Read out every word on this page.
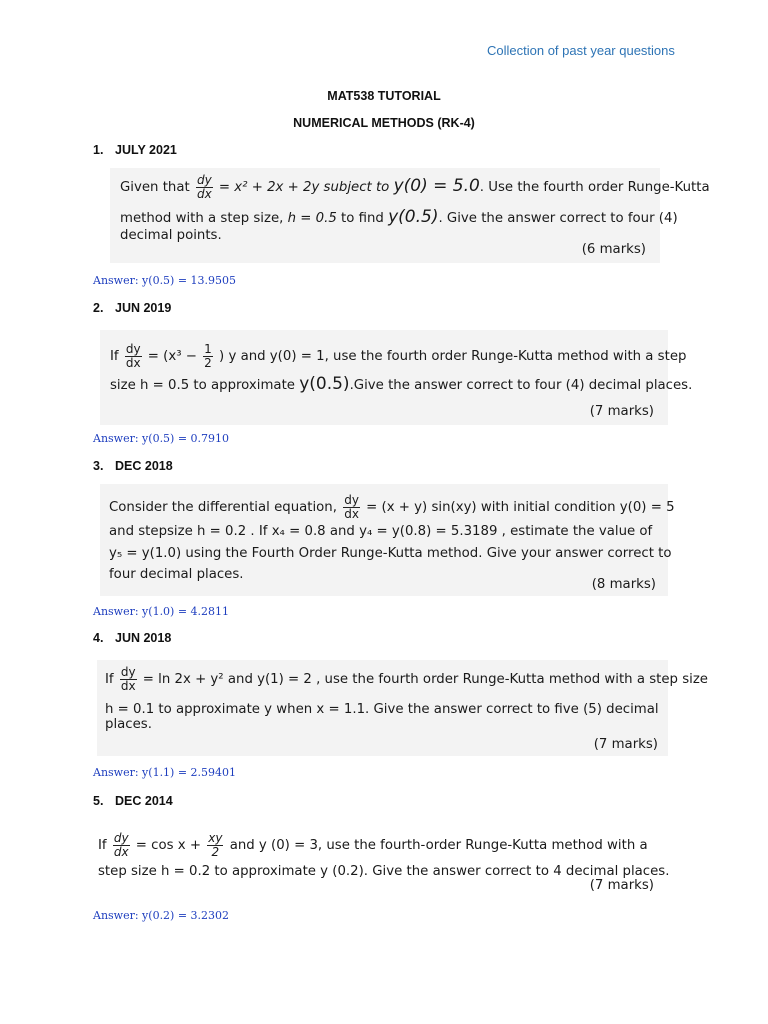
Collection of past year questions
MAT538 TUTORIAL
NUMERICAL METHODS (RK-4)
1. JULY 2021
Given that $\frac{dy}{dx} = x^2 + 2x + 2y$ subject to y(0) = 5.0. Use the fourth order Runge-Kutta
method with a step size, h = 0.5 to find y(0.5). Give the answer correct to four (4)
decimal points.
(6 marks)
Answer: y(0.5) = 13.9505
2. JUN 2019
If $\frac{dy}{dx} = (x^3 - \frac{1}{2}$ ) y and y(0) = 1, use the fourth order Runge-Kutta method with a step
size h = 0.5 to approximate y(0.5).Give the answer correct to four (4) decimal places.
(7 marks)
Answer: y(0.5) = 0.7910
3. DEC 2018
Consider the differential equation, $\frac{dy}{dx} = (x + y)$ sin(xy) with initial condition y(0) = 5
and stepsize h = 0.2 . If x₄ = 0.8 and y₄ = y(0.8) = 5.3189 , estimate the value of
y₅ = y(1.0) using the Fourth Order Runge-Kutta method. Give your answer correct to
four decimal places.
(8 marks)
Answer: y(1.0) = 4.2811
4. JUN 2018
If $\frac{dy}{dx} = \ln 2x + y^2$ and y(1) = 2 , use the fourth order Runge-Kutta method with a step size
h = 0.1 to approximate y when x = 1.1. Give the answer correct to five (5) decimal
places.
(7 marks)
Answer: y(1.1) = 2.59401
5. DEC 2014
If $\frac{dy}{dx} = \cos x + \frac{xy}{2}$ and y (0) = 3, use the fourth-order Runge-Kutta method with a
step size h = 0.2 to approximate y (0.2). Give the answer correct to 4 decimal places.
(7 marks)
Answer: y(0.2) = 3.2302
